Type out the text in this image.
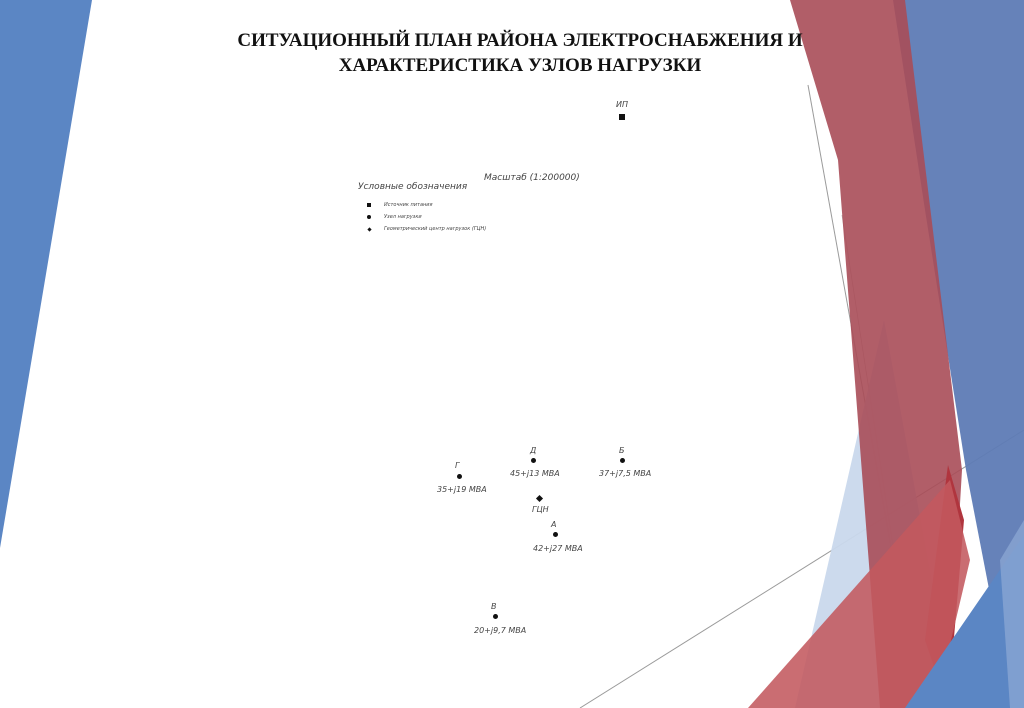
СИТУАЦИОННЫЙ ПЛАН РАЙОНА ЭЛЕКТРОСНАБЖЕНИЯ И
ХАРАКТЕРИСТИКА УЗЛОВ НАГРУЗКИ
ИП
Масштаб (1:200000)
Условные обозначения
Источник питания
Узел нагрузки
Геометрический центр нагрузок (ГЦН)
Г
35+j19 МВА
Д
45+j13 МВА
Б
37+j7,5 МВА
ГЦН
А
42+j27 МВА
В
20+j9,7 МВА
